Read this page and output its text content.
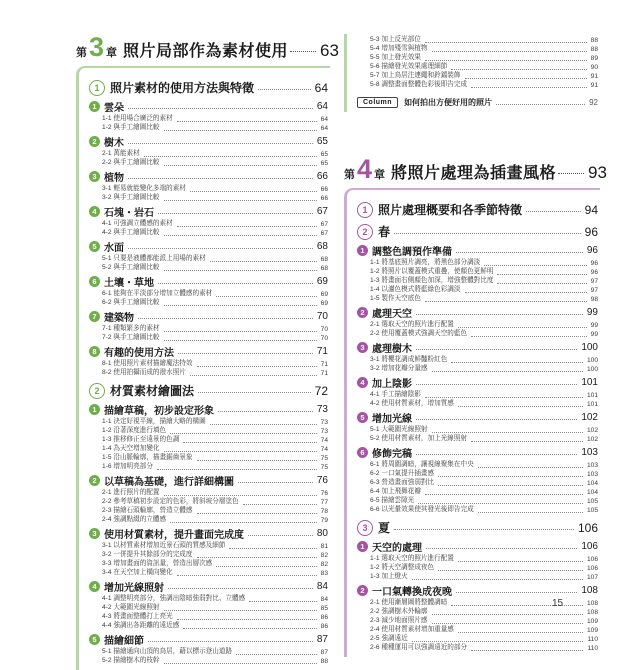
第 3 章 照片局部作為素材使用 63
1 照片素材的使用方法與特徵	64
1 雲朵	64
1-1 使用場合廣泛的素材	64
1-2 與手工繪圖比較	64
2 樹木	65
2-1 萬能素材	65
2-2 與手工繪圖比較	65
3 植物	66
3-1 輕易就能變化多端的素材	66
3-2 與手工繪圖比較	66
4 石塊・岩石	67
4-1 可強調立體感的素材	67
4-2 與手工繪圖比較	67
5 水面	68
5-1 只要是液體都能派上用場的素材	68
5-2 與手工繪圖比較	68
6 土壤・草地	69
6-1 能夠在平淡部分增加立體感的素材	69
6-2 與手工繪圖比較	69
7 建築物	70
7-1 種類繁多的素材	70
7-2 與手工繪圖比較	70
8 有趣的使用方法	71
8-1 使用照片素材描繪魔法特效	71
8-2 使用拍攝而成的潑水照片	71
2 材質素材繪圖法	72
1 描繪草稿，初步設定形象	73
1-1 決定好視平線，描繪大略的構圖	73
1-2 沿著深度進行填色	73
1-3 推移修正至遠景的色調	74
1-4 為天空增加變化	74
1-5 沿山脈輪廓，描畫鋸齒景象	75
1-6 增加明亮部分	75
2 以草稿為基礎，進行詳細構圖	76
2-1 進行照片的配置	76
2-2 參考草稿初步設定的色彩，將斜坡分層塗色	77
2-3 描繪石頭輪廓，營造立體感	78
2-4 強調點綴的立體感	79
3 使用材質素材，提升畫面完成度	80
3-1 以材質素材增加近景石頭的質感及細節	81
3-2 一併提升其餘部分的完成度	82
3-3 增加畫面的資訊量，營造出層次感	82
3-4 在天空加上橫向變化	83
4 增加光線照射	84
4-1 調整明亮部分，強調出陰暗強弱對比、立體感	84
4-2 大範圍光線照射	85
4-3 將畫面整體打上亮光	86
4-4 強調出各距離的遠近感	86
5 描繪細節	87
5-1 描繪通向山頂的鳥居，藉以標示登山道路	87
5-2 描繪樹木的枝幹	88
5-3 加上反光部位	88
5-4 增加殘雪與植物	88
5-5 加上發光效果	89
5-6 描繪發光效果處理細節	90
5-7 加上鳥居注連繩和鈴鐺裝飾	91
5-8 調整畫面整體色彩後即告完成	91
Column	如何拍出方便好用的照片	92
第 4 章 將照片處理為插畫風格 93
1 照片處理概要和各季節特徵	94
2 春	96
1 調整色調預作準備	96
1-1 將基底照片調亮，將黑色部分調淡	96
1-2 將照片以覆蓋模式重疊，使顏色更鮮明	96
1-3 將畫面右側顏色加深，增強整體對比度	97
1-4 以濾色模式將藍綠色彩調淡	97
1-5 製作天空底色	98
2 處理天空	99
2-1 選取天空的照片進行配置	99
2-2 使用覆蓋模式強調天空的藍色	99
3 處理樹木	100
3-1 將櫻花調成鮮豔粉紅色	100
3-2 增加花瓣分量感	100
4 加上陰影	101
4-1 手工描繪陰影	101
4-2 使用材質素材，增加質感	101
5 增加光線	102
5-1 大範圍光線照射	102
5-2 使用材質素材，加上光線照射	102
6 修飾完稿	103
6-1 將周圍調暗，讓視線聚集在中央	103
6-2 一口氣提升插畫感	103
6-3 營造畫面強弱對比	104
6-4 加上飛舞花瓣	104
6-5 描繪雲隙光	105
6-6 以光暈效果使其發光後即告完成	105
3 夏	106
1 天空的處理	106
1-1 選取天空的照片進行配置	106
1-2 將天空調整成夜色	106
1-3 加上燈火	107
2 一口氣轉換成夜晚	108
2-1 使用漸層圖將整體調暗	108
2-2 強調樹木外輪廓	108
2-3 減少地面照片感	109
2-4 使用材質素材增加重量感	109
2-5 強調遠近	110
2-6 種種運用可以強調遠近的部分	110
15
